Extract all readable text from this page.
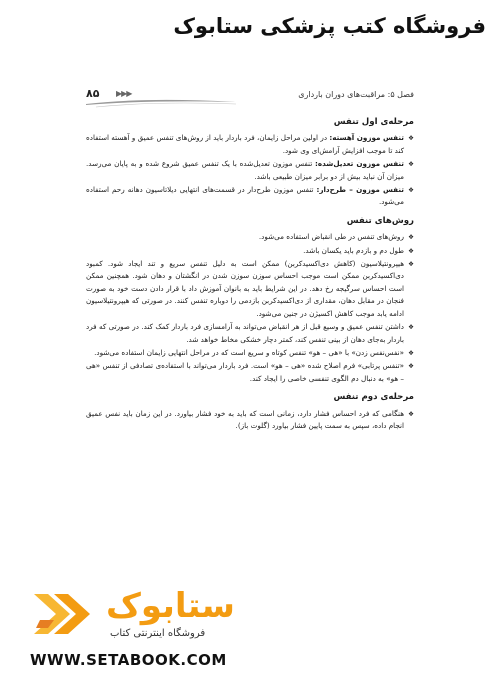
فروشگاه کتب پزشکی ستابوک
۸۵ ▶▶▶	فصل ۵: مراقبت‌های دوران بارداری
مرحله‌ی اول تنفس
❖
تنفس موزون آهسته: در اولین مراحل زایمان، فرد باردار باید از روش‌های تنفس عمیق و آهسته استفاده کند تا موجب افزایش آرامش‌ای وی شود.
❖
تنفس موزون تعدیل‌شده: تنفس موزون تعدیل‌شده با یک تنفس عمیق شروع شده و به پایان می‌رسد. میزان آن نباید بیش از دو برابر میزان طبیعی باشد.
❖
تنفس موزون – طرح‌دار: تنفس موزون طرح‌دار در قسمت‌های انتهایی دیلاتاسیون دهانه رحم استفاده می‌شود.
روش‌های تنفس
❖
روش‌های تنفس در طی انقباض استفاده می‌شود.
❖
طول دم و بازدم باید یکسان باشد.
❖
هیپرونتیلاسیون (کاهش دی‌اکسیدکربن) ممکن است به دلیل تنفس سریع و تند ایجاد شود. کمبود دی‌اکسیدکربن ممکن است موجب احساس سوزن سوزن شدن در انگشتان و دهان شود. همچنین ممکن است احساس سرگیجه رخ دهد. در این شرایط باید به بانوان آموزش داد با قرار دادن دست خود به صورت فنجان در مقابل دهان، مقداری از دی‌اکسیدکربن بازدمی را دوباره تنفس کنند. در صورتی که هیپرونتیلاسیون ادامه یابد موجب کاهش اکسیژن در جنین می‌شود.
❖
داشتن تنفس عمیق و وسیع قبل از هر انقباض می‌تواند به آرامسازی فرد باردار کمک کند. در صورتی که فرد باردار به‌جای دهان از بینی تنفس کند، کمتر دچار خشکی مخاط خواهد شد.
❖
«نفس‌نفس زدن» با «هی – هو» تنفس کوتاه و سریع است که در مراحل انتهایی زایمان استفاده می‌شود.
❖
«تنفس پرتابی» فرم اصلاح شده «هی – هو» است. فرد باردار می‌تواند با استفاده‌ی تصادفی از تنفس «هی – هو» به دنبال دم الگوی تنفسی خاصی را ایجاد کند.
مرحله‌ی دوم تنفس
❖
هنگامی که فرد احساس فشار دارد، زمانی است که باید به خود فشار بیاورد. در این زمان باید نفس عمیق انجام داده، سپس به سمت پایین فشار بیاورد (گلوت باز).
ستابوک
فروشگاه اینترنتی کتاب
WWW.SETABOOK.COM
